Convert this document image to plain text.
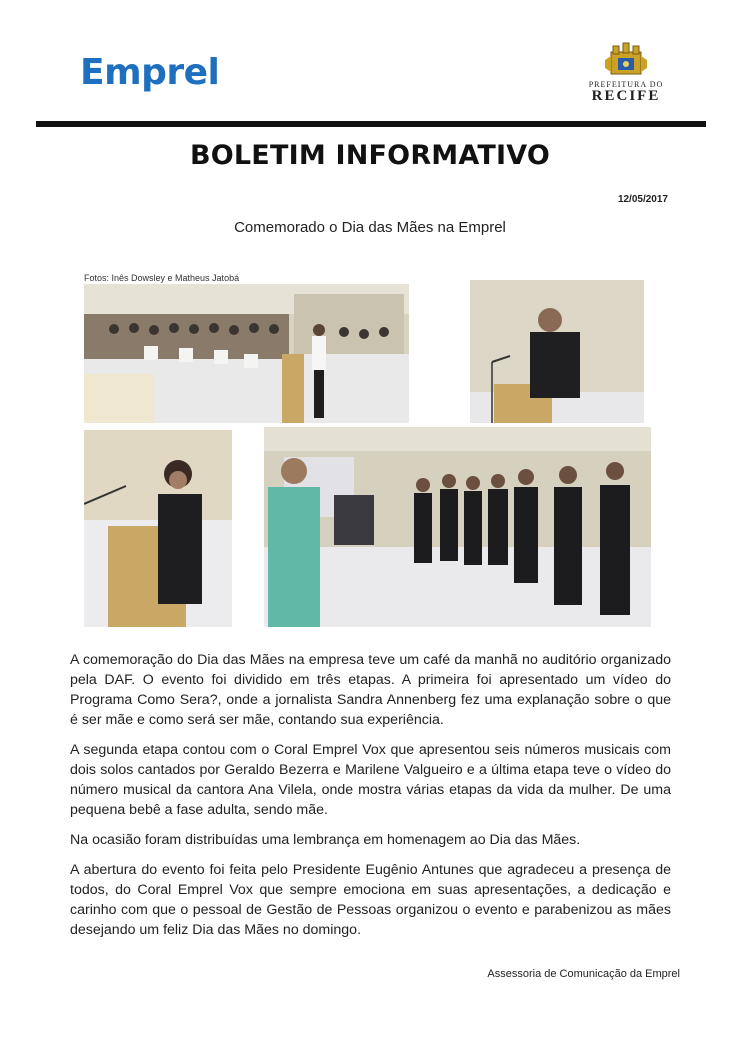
Emprel	PREFEITURA DO
RECIFE
BOLETIM INFORMATIVO
12/05/2017
Comemorado o Dia das Mães na Emprel
Fotos: Inês Dowsley e Matheus Jatobá

A comemoração do Dia das Mães na empresa teve um café da manhã no auditório organizado pela DAF. O evento foi dividido em três etapas. A primeira foi apresentado um vídeo do Programa Como Sera?, onde a jornalista Sandra Annenberg fez uma explanação sobre o que é ser mãe e como será ser mãe, contando sua experiência.

A segunda etapa contou com o Coral Emprel Vox que apresentou seis números musicais com dois solos cantados por Geraldo Bezerra e Marilene Valgueiro e a última etapa teve o vídeo do número musical da cantora Ana Vilela, onde mostra várias etapas da vida da mulher. De uma pequena bebê a fase adulta, sendo mãe.

Na ocasião foram distribuídas uma lembrança em homenagem ao Dia das Mães.

A abertura do evento foi feita pelo Presidente Eugênio Antunes que agradeceu a presença de todos, do Coral Emprel Vox que sempre emociona em suas apresentações, a dedicação e carinho com que o pessoal de Gestão de Pessoas organizou o evento e parabenizou as mães desejando um feliz Dia das Mães no domingo.

Assessoria de Comunicação da Emprel
